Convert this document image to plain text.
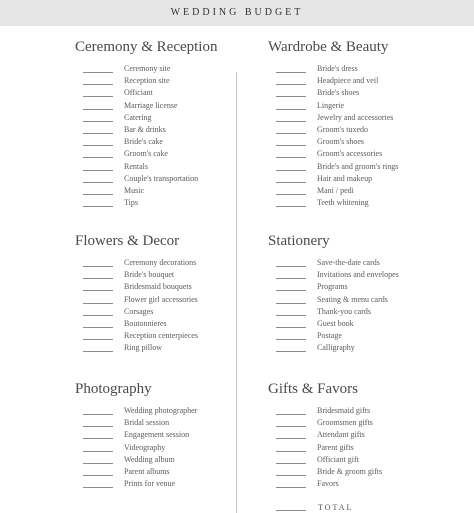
WEDDING BUDGET
Ceremony & Reception
Ceremony site
Reception site
Officiant
Marriage license
Catering
Bar & drinks
Bride's cake
Groom's cake
Rentals
Couple's transportation
Music
Tips
Wardrobe & Beauty
Bride's dress
Headpiece and veil
Bride's shoes
Lingerie
Jewelry and accessories
Groom's tuxedo
Groom's shoes
Groom's accessories
Bride's and groom's rings
Hair and makeup
Mani / pedi
Teeth whitening
Flowers & Decor
Ceremony decorations
Bride's bouquet
Bridesmaid bouquets
Flower girl accessories
Corsages
Boutonnieres
Reception centerpieces
Ring pillow
Stationery
Save-the-date cards
Invitations and envelopes
Programs
Seating & menu cards
Thank-you cards
Guest book
Postage
Calligraphy
Photography
Wedding photographer
Bridal session
Engagement session
Videography
Wedding album
Parent albums
Prints for venue
Gifts & Favors
Bridesmaid gifts
Groomsmen gifts
Attendant gifts
Parent gifts
Officiant gift
Bride & groom gifts
Favors
TOTAL
